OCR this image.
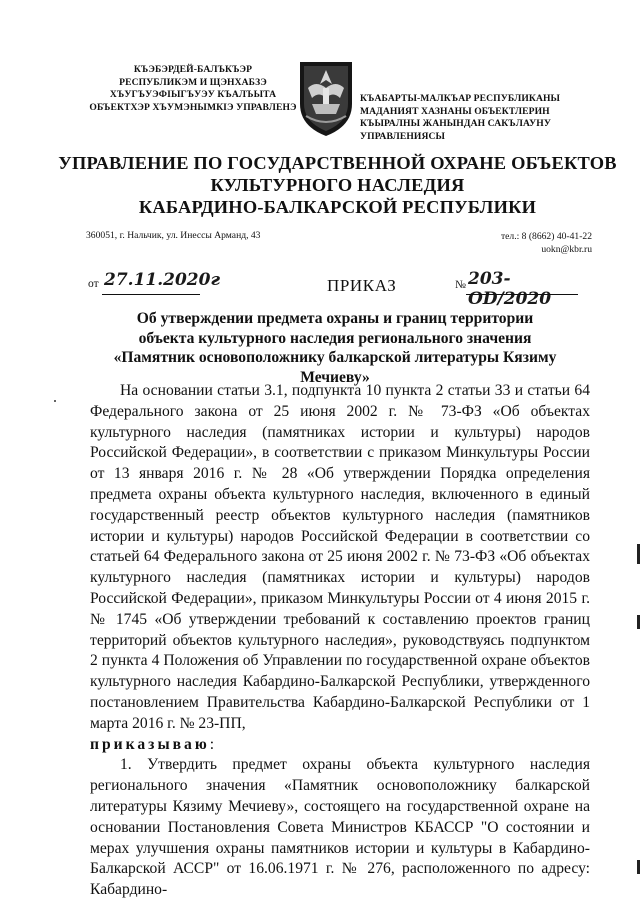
КЪЭБЭРДЕЙ-БАЛЪКЪЭР
РЕСПУБЛИКЭМ И ЩЭНХАБЗЭ
ХЪУГЪУЭФІЫГЪУЭУ КЪАЛЪЫТА
ОБЪЕКТХЭР ХЪУМЭНЫМКІЭ УПРАВЛЕНЭ
КЪАБАРТЫ-МАЛКЪАР РЕСПУБЛИКАНЫ
МАДАНИЯТ ХАЗНАНЫ ОБЪЕКТЛЕРИН
КЪЫРАЛНЫ ЖАНЫНДАН САКЪЛАУНУ
УПРАВЛЕНИЯСЫ
УПРАВЛЕНИЕ ПО ГОСУДАРСТВЕННОЙ ОХРАНЕ ОБЪЕКТОВ
КУЛЬТУРНОГО НАСЛЕДИЯ
КАБАРДИНО-БАЛКАРСКОЙ РЕСПУБЛИКИ
360051, г. Нальчик, ул. Инессы Арманд, 43	тел.: 8 (8662) 40-41-22
uokn@kbr.ru
от 27.11.2020г	ПРИКАЗ	№ 203-OD/2020
Об утверждении предмета охраны и границ территории
объекта культурного наследия регионального значения
«Памятник основоположнику балкарской литературы Кязиму Мечиеву»

На основании статьи 3.1, подпункта 10 пункта 2 статьи 33 и статьи 64 Федерального закона от 25 июня 2002 г. № 73-ФЗ «Об объектах культурного наследия (памятниках истории и культуры) народов Российской Федерации», в соответствии с приказом Минкультуры России от 13 января 2016 г. № 28 «Об утверждении Порядка определения предмета охраны объекта культурного наследия, включенного в единый государственный реестр объектов культурного наследия (памятников истории и культуры) народов Российской Федерации в соответствии со статьей 64 Федерального закона от 25 июня 2002 г. № 73-ФЗ «Об объектах культурного наследия (памятниках истории и культуры) народов Российской Федерации», приказом Минкультуры России от 4 июня 2015 г. № 1745 «Об утверждении требований к составлению проектов границ территорий объектов культурного наследия», руководствуясь подпунктом 2 пункта 4 Положения об Управлении по государственной охране объектов культурного наследия Кабардино-Балкарской Республики, утвержденного постановлением Правительства Кабардино-Балкарской Республики от 1 марта 2016 г. № 23-ПП,
приказываю:

1. Утвердить предмет охраны объекта культурного наследия регионального значения «Памятник основоположнику балкарской литературы Кязиму Мечиеву», состоящего на государственной охране на основании Постановления Совета Министров КБАССР "О состоянии и мерах улучшения охраны памятников истории и культуры в Кабардино-Балкарской АССР" от 16.06.1971 г. № 276, расположенного по адресу: Кабардино-
